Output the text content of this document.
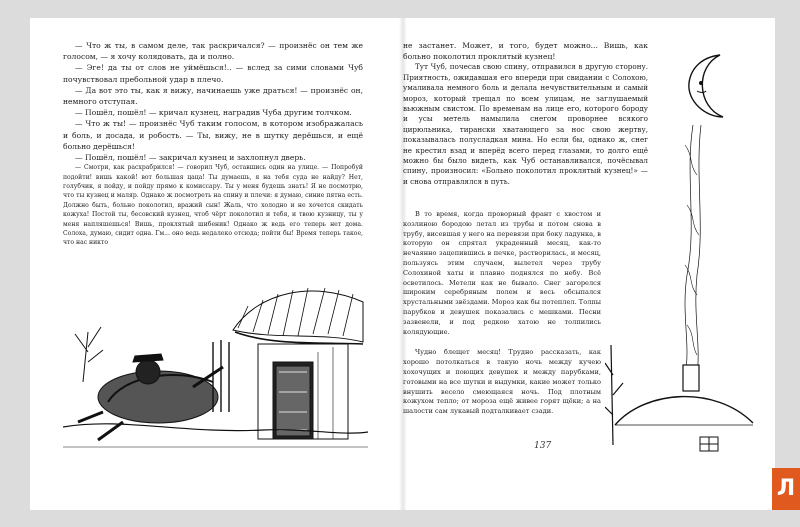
— Что ж ты, в самом деле, так раскричался? — произнёс он тем же голосом, — я хочу колядовать, да и полно.

— Эге! да ты от слов не уймёшься!.. — вслед за сими словами Чуб почувствовал пребольной удар в плечо.

— Да вот это ты, как я вижу, начинаешь уже драться! — произнёс он, немного отступая.

— Пошёл, пошёл! — кричал кузнец, наградив Чуба другим толчком.

— Что ж ты! — произнёс Чуб таким голосом, в котором изображалась и боль, и досада, и робость. — Ты, вижу, не в шутку дерёшься, и ещё больно дерёшься!

— Пошёл, пошёл! — закричал кузнец и захлопнул дверь.

— Смотри, как расхрабрился! — говорил Чуб, оставшись один на улице. — Попробуй подойти! вишь какой! вот большая цаца! Ты думаешь, я на тебя суда не найду? Нет, голубчик, я пойду, и пойду прямо к комиссару. Ты у меня будешь знать! Я не посмотрю, что ты кузнец и маляр. Однако ж посмотреть на спину и плечи: я думаю, синие пятна есть. Должно быть, больно поколотил, вражий сын! Жаль, что холодно и не хочется скидать кожуха! Постой ты, бесовский кузнец, чтоб чёрт поколотил и тебя, и твою кузницу, ты у меня напляшешься! Вишь, проклятый шибеник! Однако ж ведь его теперь нет дома. Солоха, думаю, сидит одна. Гм... оно ведь недалеко отсюда; пойти бы! Время теперь такое, что нас никто

не застанет. Может, и того, будет можно... Вишь, как больно поколотил проклятый кузнец!

Тут Чуб, почесав свою спину, отправился в другую сторону. Приятность, ожидавшая его впереди при свидании с Солохою, умаливала немного боль и делала нечувствительным и самый мороз, который трещал по всем улицам, не заглушаемый вьюжным свистом. По временам на лице его, которого бороду и усы метель намылила снегом проворнее всякого цирюльника, тирански хватающего за нос свою жертву, показывалась полусладкая мина. Но если бы, однако ж, снег не крестил взад и вперёд всего перед глазами, то долго ещё можно бы было видеть, как Чуб останавливался, почёсывал спину, произносил: «Больно поколотил проклятый кузнец!» — и снова отправлялся в путь.

В то время, когда проворный франт с хвостом и козлиною бородою летал из трубы и потом снова в трубу, висевшая у него на перевязи при боку ладунка, в которую он спрятал украденный месяц, как-то нечаянно зацепившись в печке, растворилась, и месяц, пользуясь этим случаем, вылетел через трубу Солохиной хаты и плавно поднялся по небу. Всё осветилось. Метели как не бывало. Снег загорелся широким серебряным полем и весь обсыпался хрустальными звёздами. Мороз как бы потеплел. Толпы парубков и девушек показались с мешками. Песни зазвенели, и под редкою хатою не толпились колядующие.

Чудно блещет месяц! Трудно рассказать, как хорошо потолкаться в такую ночь между кучею хохочущих и поющих девушек и между парубками, готовыми на все шутки и выдумки, какие может только внушить весело смеющаяся ночь. Под плотным кожухом тепло; от мороза ещё живее горят щёки; а на шалости сам лукавый подталкивает сзади.

137
Л
